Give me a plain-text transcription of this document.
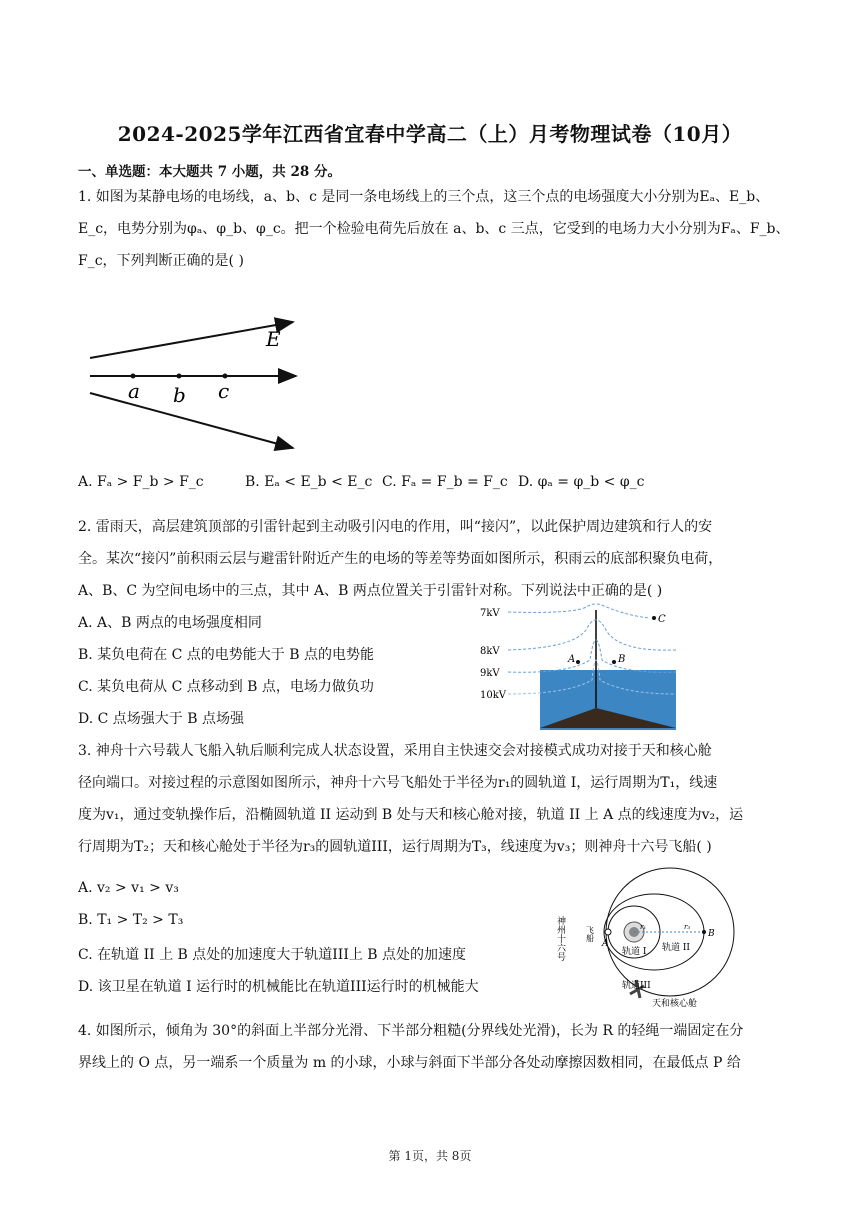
2024-2025学年江西省宜春中学高二（上）月考物理试卷（10月）
一、单选题：本大题共 7 小题，共 28 分。
1. 如图为某静电场的电场线，a、b、c 是同一条电场线上的三个点，这三个点的电场强度大小分别为Eₐ、E_b、
E_c，电势分别为φₐ、φ_b、φ_c。把一个检验电荷先后放在 a、b、c 三点，它受到的电场力大小分别为Fₐ、F_b、
F_c，下列判断正确的是( )
E
a b c
A. Fₐ > F_b > F_c	B. Eₐ < E_b < E_c C. Fₐ = F_b = F_c D. φₐ = φ_b < φ_c
2. 雷雨天，高层建筑顶部的引雷针起到主动吸引闪电的作用，叫“接闪”，以此保护周边建筑和行人的安
全。某次“接闪”前积雨云层与避雷针附近产生的电场的等差等势面如图所示，积雨云的底部积聚负电荷，
A、B、C 为空间电场中的三点，其中 A、B 两点位置关于引雷针对称。下列说法中正确的是( )
A. A、B 两点的电场强度相同
B. 某负电荷在 C 点的电势能大于 B 点的电势能
C. 某负电荷从 C 点移动到 B 点，电场力做负功
D. C 点场强大于 B 点场强
7kV
8kV
9kV
10kV
A	B
C
3. 神舟十六号载人飞船入轨后顺利完成人状态设置，采用自主快速交会对接模式成功对接于天和核心舱
径向端口。对接过程的示意图如图所示，神舟十六号飞船处于半径为r₁的圆轨道 I，运行周期为T₁，线速
度为v₁，通过变轨操作后，沿椭圆轨道 II 运动到 B 处与天和核心舱对接，轨道 II 上 A 点的线速度为v₂，运
行周期为T₂；天和核心舱处于半径为r₃的圆轨道III，运行周期为T₃，线速度为v₃；则神舟十六号飞船( )
A. v₂ > v₁ > v₃
B. T₁ > T₂ > T₃
C. 在轨道 II 上 B 点处的加速度大于轨道III上 B 点处的加速度
D. 该卫星在轨道 I 运行时的机械能比在轨道III运行时的机械能大
神州十六号	飞船
A
B
轨道 I 轨道 II
轨道III
天和核心舱
r₁	r₃
4. 如图所示，倾角为 30°的斜面上半部分光滑、下半部分粗糙(分界线处光滑)，长为 R 的轻绳一端固定在分
界线上的 O 点，另一端系一个质量为 m 的小球，小球与斜面下半部分各处动摩擦因数相同，在最低点 P 给
第 1页，共 8页
